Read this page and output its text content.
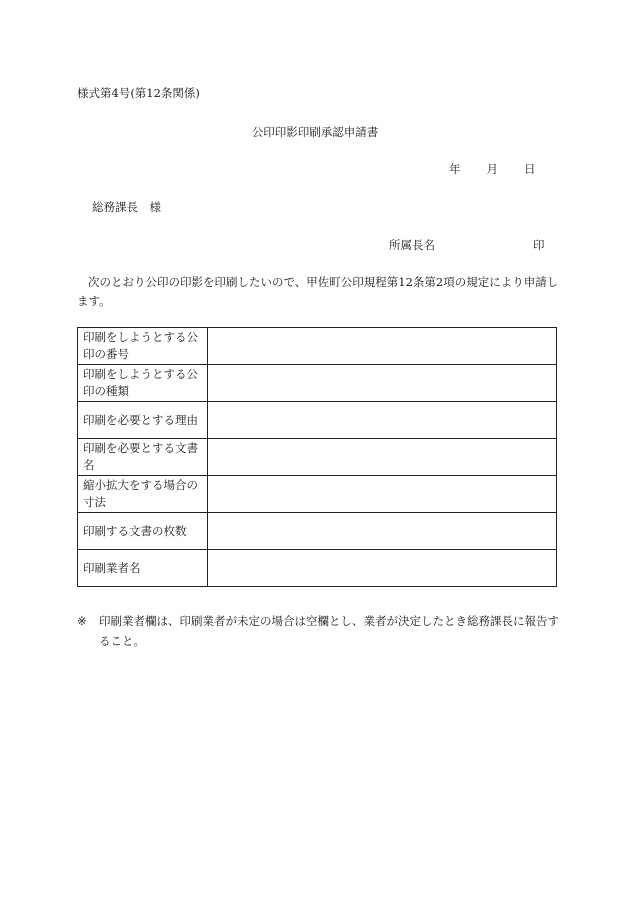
様式第4号(第12条関係)
公印印影印刷承認申請書
年 月 日
総務課長　様
所属長名	印
次のとおり公印の印影を印刷したいので、甲佐町公印規程第12条第2項の規定により申請します。
印刷をしようとする公印の番号	
印刷をしようとする公印の種類	
印刷を必要とする理由	
印刷を必要とする文書名	
縮小拡大をする場合の寸法	
印刷する文書の枚数	
印刷業者名	
※	印刷業者欄は、印刷業者が未定の場合は空欄とし、業者が決定したとき総務課長に報告すること。
